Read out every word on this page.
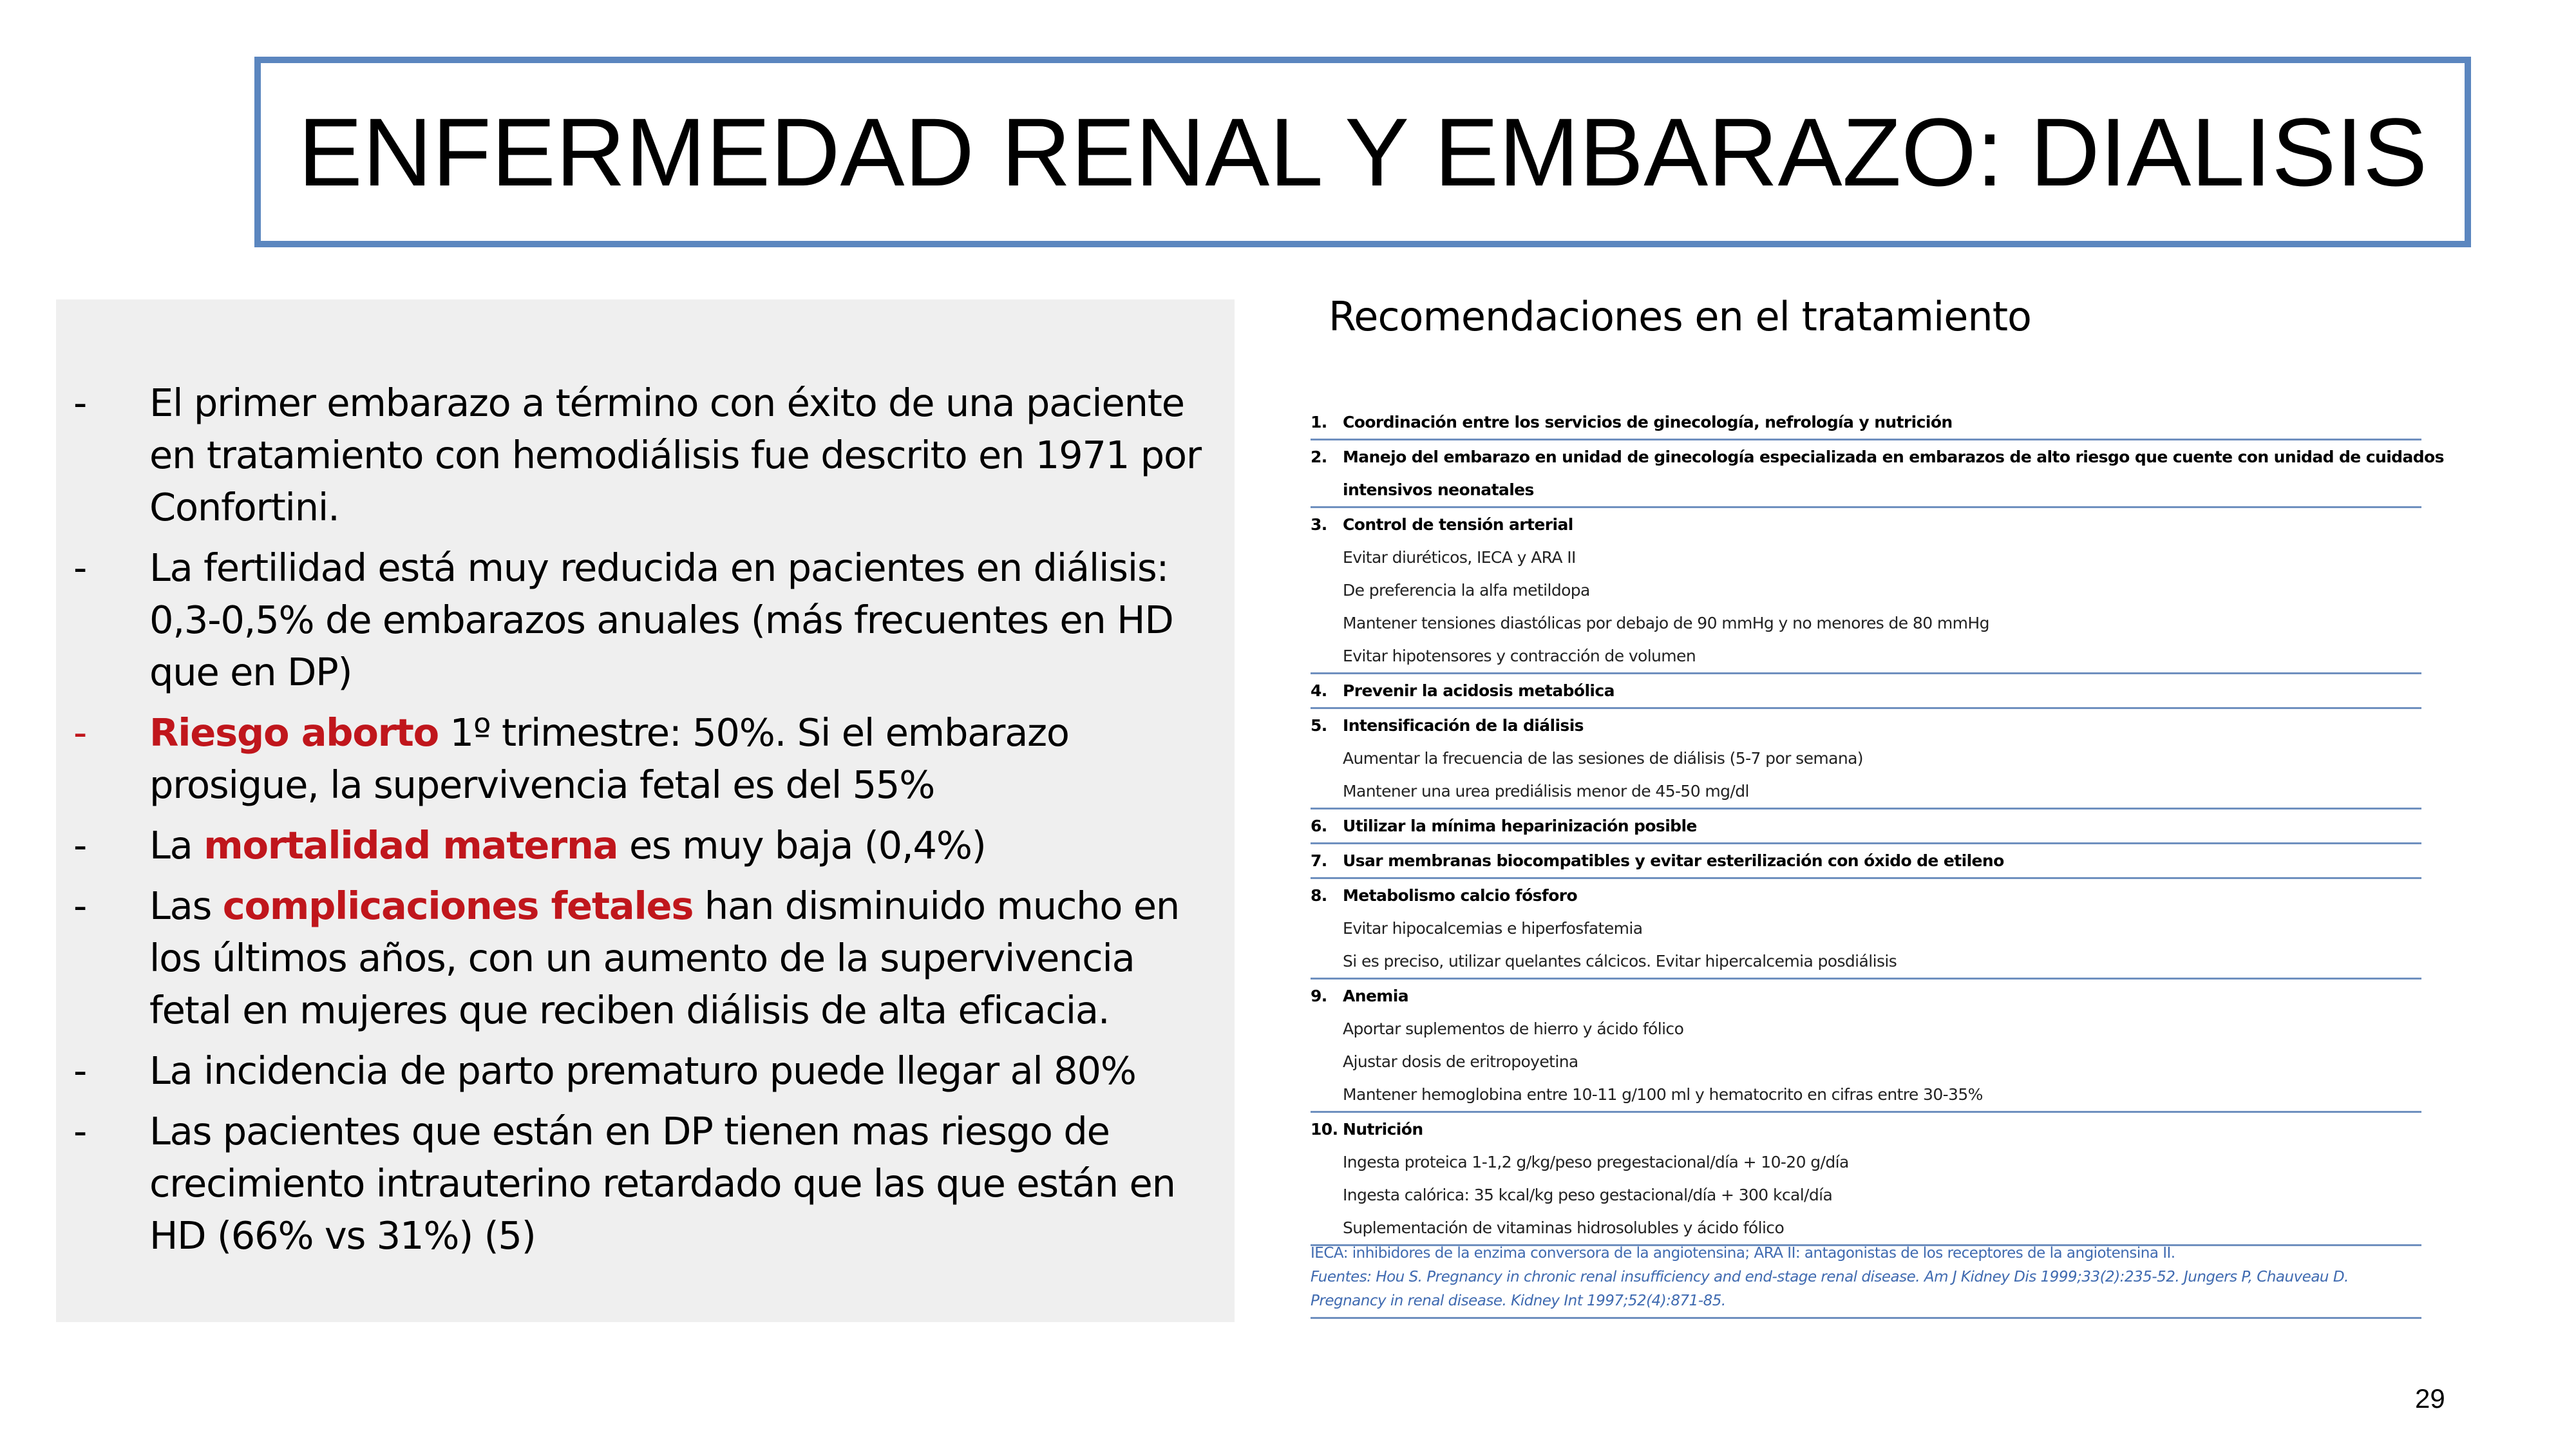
ENFERMEDAD RENAL Y EMBARAZO: DIALISIS
-	El primer embarazo a término con éxito de una paciente en tratamiento con hemodiálisis fue descrito en 1971 por Confortini.
-	La fertilidad está muy reducida en pacientes en diálisis: 0,3-0,5% de embarazos anuales (más frecuentes en HD que en DP)
-	Riesgo aborto 1º trimestre: 50%. Si el embarazo prosigue, la supervivencia fetal es del 55%
-	La mortalidad materna es muy baja (0,4%)
-	Las complicaciones fetales han disminuido mucho en los últimos años, con un aumento de la supervivencia fetal en mujeres que reciben diálisis de alta eficacia.
-	La incidencia de parto prematuro puede llegar al 80%
-	Las pacientes que están en DP tienen mas riesgo de crecimiento intrauterino retardado que las que están en HD (66% vs 31%) (5)
Recomendaciones en el tratamiento
1. Coordinación entre los servicios de ginecología, nefrología y nutrición
2. Manejo del embarazo en unidad de ginecología especializada en embarazos de alto riesgo que cuente con unidad de cuidados
intensivos neonatales
3. Control de tensión arterial
Evitar diuréticos, IECA y ARA II
De preferencia la alfa metildopa
Mantener tensiones diastólicas por debajo de 90 mmHg y no menores de 80 mmHg
Evitar hipotensores y contracción de volumen
4. Prevenir la acidosis metabólica
5. Intensificación de la diálisis
Aumentar la frecuencia de las sesiones de diálisis (5-7 por semana)
Mantener una urea prediálisis menor de 45-50 mg/dl
6. Utilizar la mínima heparinización posible
7. Usar membranas biocompatibles y evitar esterilización con óxido de etileno
8. Metabolismo calcio fósforo
Evitar hipocalcemias e hiperfosfatemia
Si es preciso, utilizar quelantes cálcicos. Evitar hipercalcemia posdiálisis
9. Anemia
Aportar suplementos de hierro y ácido fólico
Ajustar dosis de eritropoyetina
Mantener hemoglobina entre 10-11 g/100 ml y hematocrito en cifras entre 30-35%
10. Nutrición
Ingesta proteica 1-1,2 g/kg/peso pregestacional/día + 10-20 g/día
Ingesta calórica: 35 kcal/kg peso gestacional/día + 300 kcal/día
Suplementación de vitaminas hidrosolubles y ácido fólico
IECA: inhibidores de la enzima conversora de la angiotensina; ARA II: antagonistas de los receptores de la angiotensina II.
Fuentes: Hou S. Pregnancy in chronic renal insufficiency and end-stage renal disease. Am J Kidney Dis 1999;33(2):235-52. Jungers P, Chauveau D.
Pregnancy in renal disease. Kidney Int 1997;52(4):871-85.
29
